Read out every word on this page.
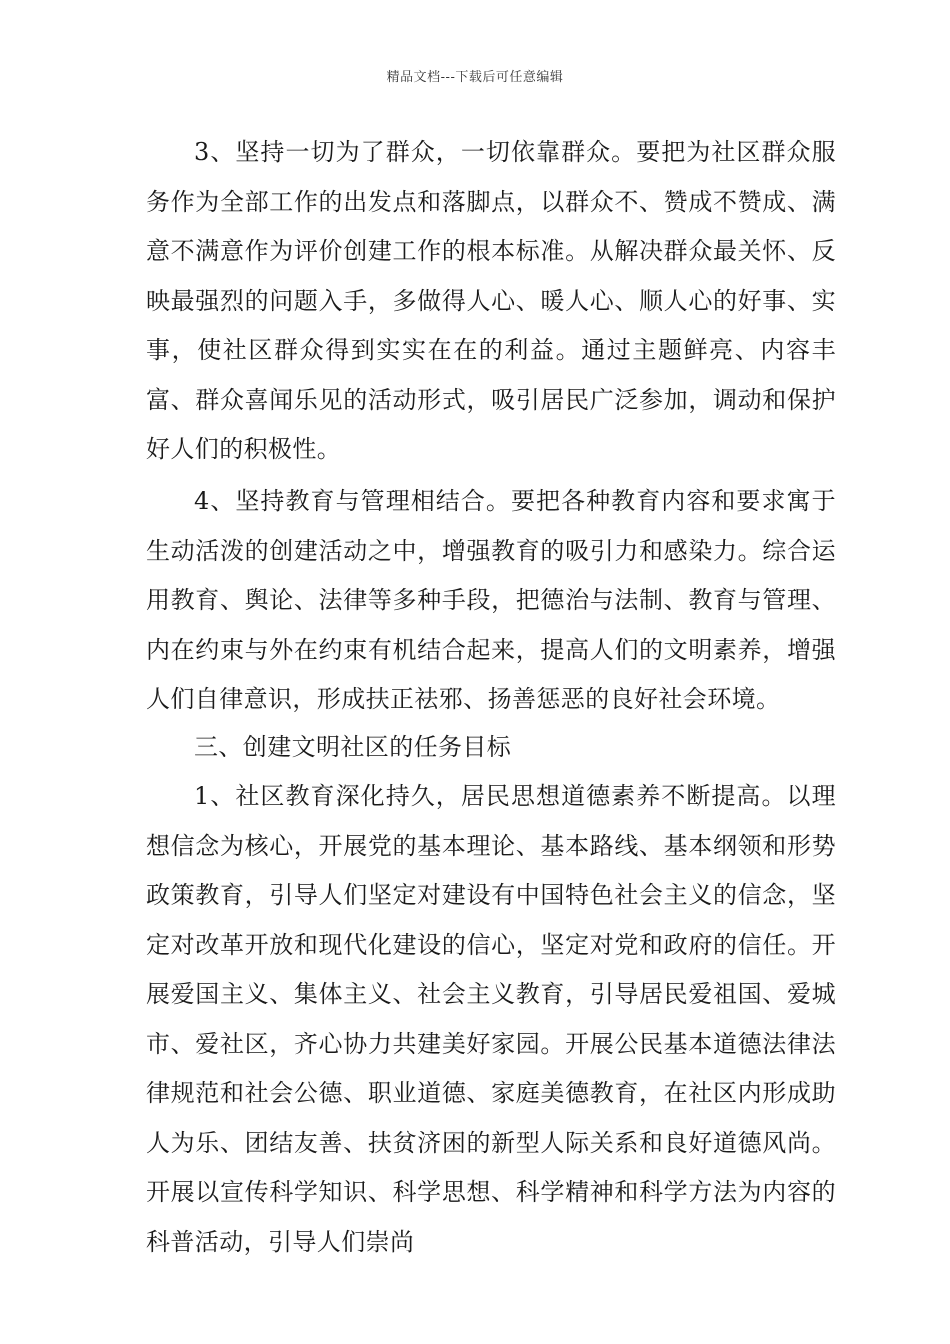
精品文档---下载后可任意编辑

3、坚持一切为了群众，一切依靠群众。要把为社区群众服务作为全部工作的出发点和落脚点，以群众不、赞成不赞成、满意不满意作为评价创建工作的根本标准。从解决群众最关怀、反映最强烈的问题入手，多做得人心、暖人心、顺人心的好事、实事，使社区群众得到实实在在的利益。通过主题鲜亮、内容丰富、群众喜闻乐见的活动形式，吸引居民广泛参加，调动和保护好人们的积极性。

4、坚持教育与管理相结合。要把各种教育内容和要求寓于生动活泼的创建活动之中，增强教育的吸引力和感染力。综合运用教育、舆论、法律等多种手段，把德治与法制、教育与管理、内在约束与外在约束有机结合起来，提高人们的文明素养，增强人们自律意识，形成扶正祛邪、扬善惩恶的良好社会环境。

三、创建文明社区的任务目标

1、社区教育深化持久，居民思想道德素养不断提高。以理想信念为核心，开展党的基本理论、基本路线、基本纲领和形势政策教育，引导人们坚定对建设有中国特色社会主义的信念，坚定对改革开放和现代化建设的信心，坚定对党和政府的信任。开展爱国主义、集体主义、社会主义教育，引导居民爱祖国、爱城市、爱社区，齐心协力共建美好家园。开展公民基本道德法律法律规范和社会公德、职业道德、家庭美德教育，在社区内形成助人为乐、团结友善、扶贫济困的新型人际关系和良好道德风尚。开展以宣传科学知识、科学思想、科学精神和科学方法为内容的科普活动，引导人们崇尚
